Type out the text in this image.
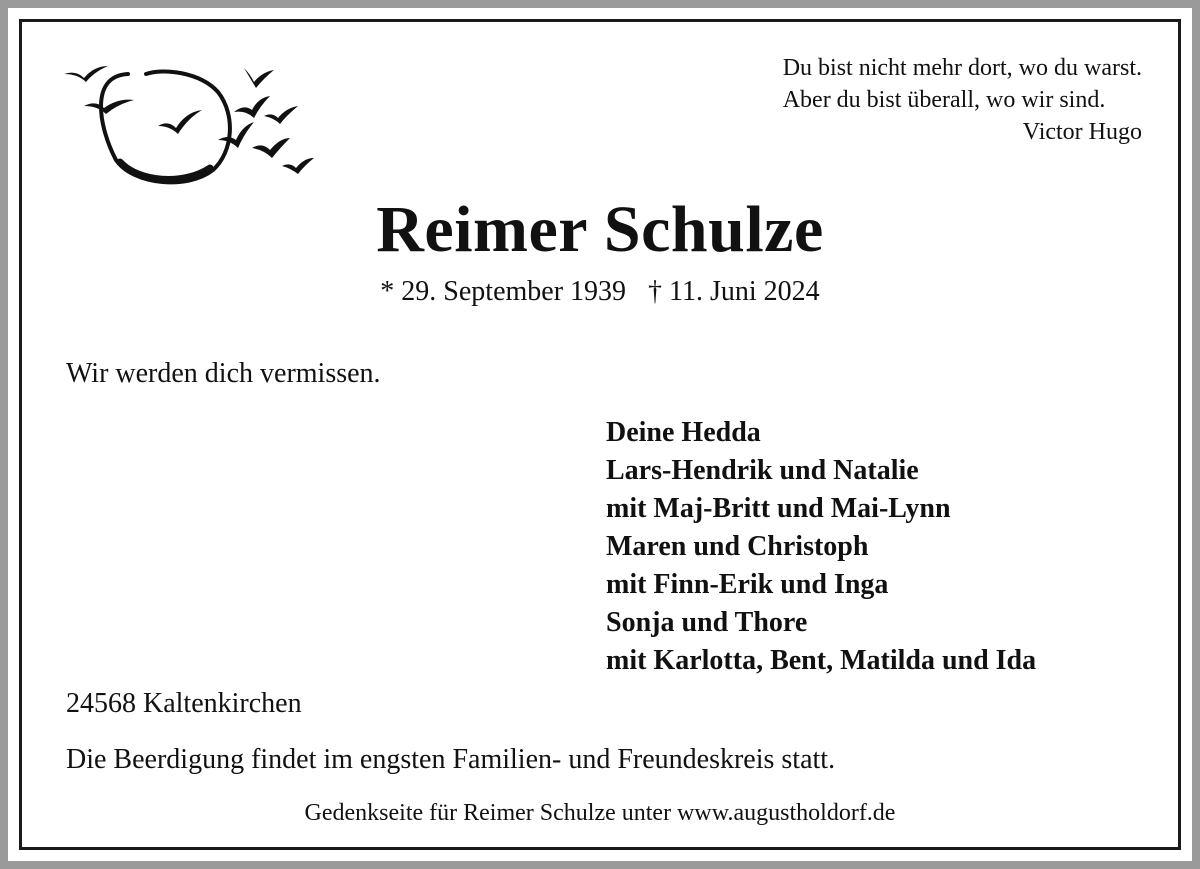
Du bist nicht mehr dort, wo du warst.
Aber du bist überall, wo wir sind.
Victor Hugo
Reimer Schulze
* 29. September 1939 † 11. Juni 2024
Wir werden dich vermissen.
Deine Hedda
Lars-Hendrik und Natalie
mit Maj-Britt und Mai-Lynn
Maren und Christoph
mit Finn-Erik und Inga
Sonja und Thore
mit Karlotta, Bent, Matilda und Ida
24568 Kaltenkirchen
Die Beerdigung findet im engsten Familien- und Freundeskreis statt.
Gedenkseite für Reimer Schulze unter www.augustholdorf.de
